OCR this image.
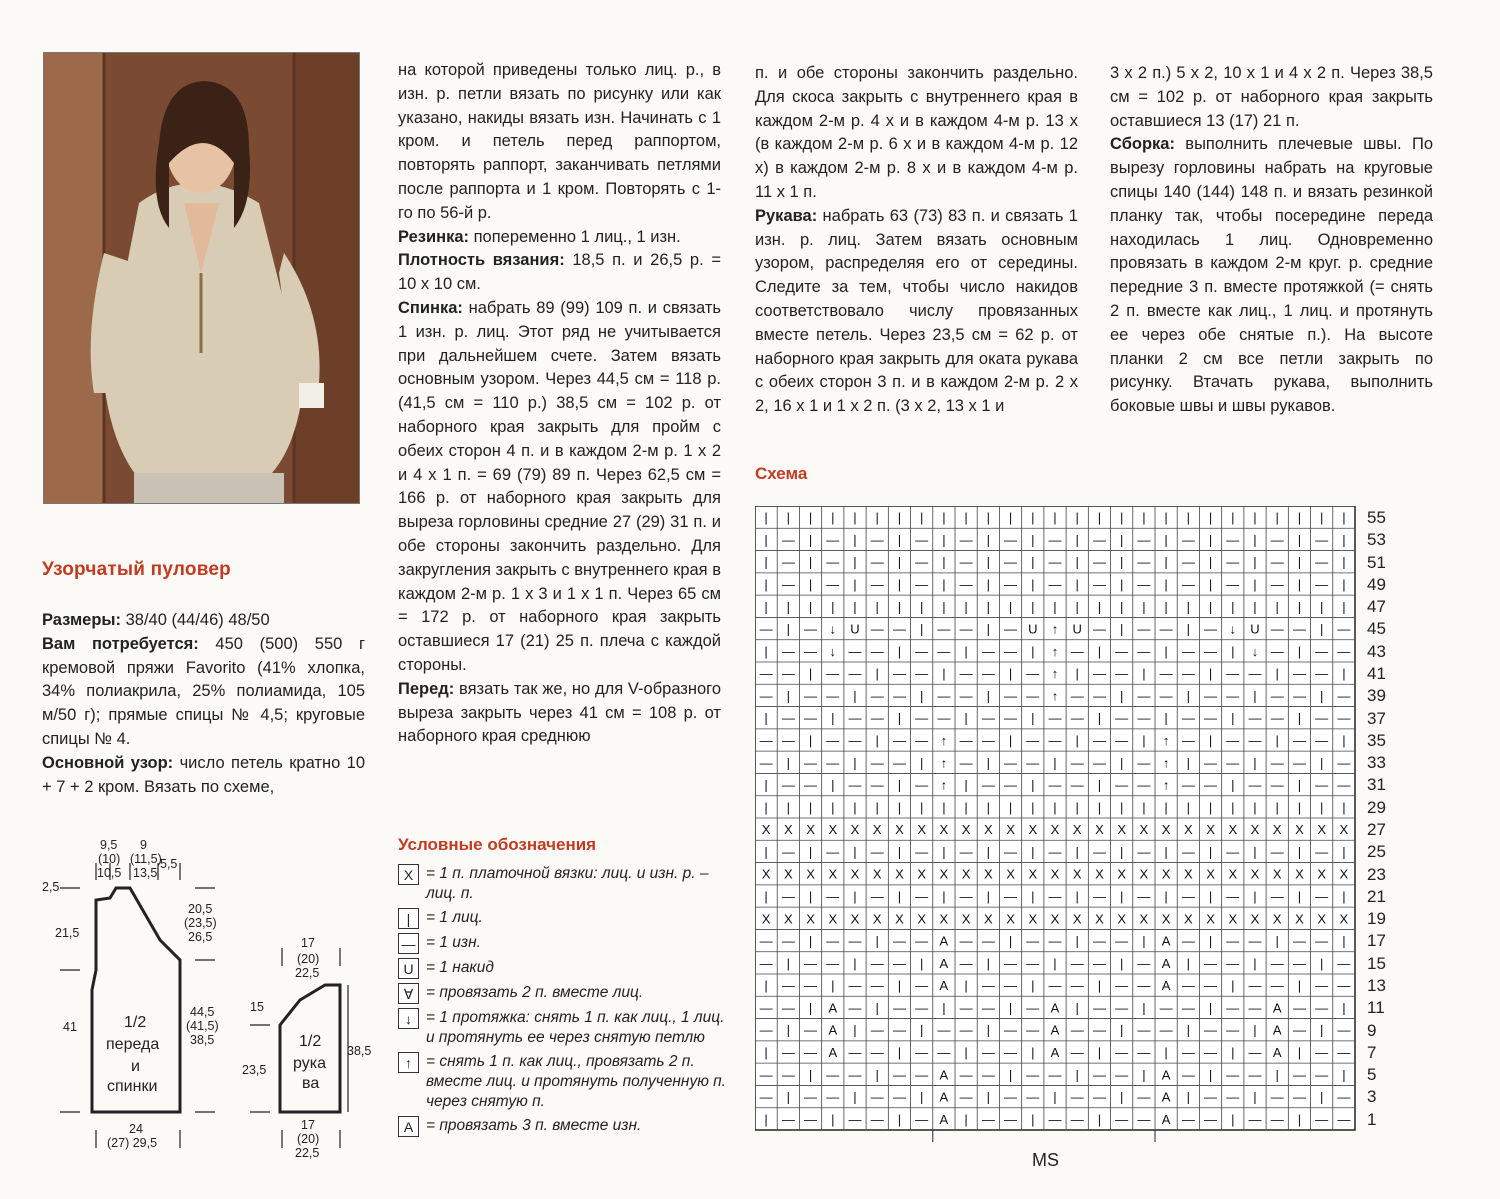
Узорчатый пуловер

Размеры: 38/40 (44/46) 48/50

Вам потребуется: 450 (500) 550 г кремовой пряжи Favorito (41% хлопка, 34% полиакрила, 25% полиамида, 105 м/50 г); прямые спицы № 4,5; круговые спицы № 4.

Основной узор: число петель кратно 10 + 7 + 2 кром. Вязать по схеме,

на которой приведены только лиц. р., в изн. р. петли вязать по рисунку или как указано, накиды вязать изн. Начинать с 1 кром. и петель перед раппортом, повторять раппорт, заканчивать петлями после раппорта и 1 кром. Повторять с 1-го по 56-й р.

Резинка: попеременно 1 лиц., 1 изн.

Плотность вязания: 18,5 п. и 26,5 р. = 10 х 10 см.

Спинка: набрать 89 (99) 109 п. и связать 1 изн. р. лиц. Этот ряд не учитывается при дальнейшем счете. Затем вязать основным узором. Через 44,5 см = 118 р. (41,5 см = 110 р.) 38,5 см = 102 р. от наборного края закрыть для пройм с обеих сторон 4 п. и в каждом 2-м р. 1 х 2 и 4 х 1 п. = 69 (79) 89 п. Через 62,5 см = 166 р. от наборного края закрыть для выреза горловины средние 27 (29) 31 п. и обе стороны закончить раздельно. Для закругления закрыть с внутреннего края в каждом 2-м р. 1 х 3 и 1 х 1 п. Через 65 см = 172 р. от наборного края закрыть оставшиеся 17 (21) 25 п. плеча с каждой стороны.

Перед: вязать так же, но для V-образного выреза закрыть через 41 см = 108 р. от наборного края среднюю

п. и обе стороны закончить раздельно. Для скоса закрыть с внутреннего края в каждом 2-м р. 4 х и в каждом 4-м р. 13 х (в каждом 2-м р. 6 х и в каждом 4-м р. 12 х) в каждом 2-м р. 8 х и в каждом 4-м р. 11 х 1 п.

Рукава: набрать 63 (73) 83 п. и связать 1 изн. р. лиц. Затем вязать основным узором, распределяя его от середины. Следите за тем, чтобы число накидов соответствовало числу провязанных вместе петель. Через 23,5 см = 62 р. от наборного края закрыть для оката рукава с обеих сторон 3 п. и в каждом 2-м р. 2 х 2, 16 х 1 и 1 х 2 п. (3 х 2, 13 х 1 и

3 х 2 п.) 5 х 2, 10 х 1 и 4 х 2 п. Через 38,5 см = 102 р. от наборного края закрыть оставшиеся 13 (17) 21 п.

Сборка: выполнить плечевые швы. По вырезу горловины набрать на круговые спицы 140 (144) 148 п. и вязать резинкой планку так, чтобы посередине переда находилась 1 лиц. Одновременно провязать в каждом 2-м круг. р. средние передние 3 п. вместе протяжкой (= снять 2 п. вместе как лиц., 1 лиц. и протянуть ее через обе снятые п.). На высоте планки 2 см все петли закрыть по рисунку. Втачать рукава, выполнить боковые швы и швы рукавов.

Условные обозначения
X = 1 п. платочной вязки: лиц. и изн. р. – лиц. п.
|	= 1 лиц.
— = 1 изн.
U = 1 накид
∀ = провязать 2 п. вместе лиц.
↓ = 1 протяжка: снять 1 п. как лиц., 1 лиц. и протянуть ее через снятую петлю
↑ = снять 1 п. как лиц., провязать 2 п. вместе лиц. и протянуть полученную п. через снятую п.
A = провязать 3 п. вместе изн.
Схема
| | | | | | | | | | | | | | | | | | | | | | | | | | |
| — | — | — | — | — | — | — | — | — | — | — | — | — |
| — | — | — | — | — | — | — | — | — | — | — | — | — |
| — | — | — | — | — | — | — | — | — | — | — | — | — |
| | | | | | | | | | | | | | | | | | | | | | | | | | |
— | — ↓ U — — | — — | — U ↑ U — | — — | — ↓ U — — | —
| — — ↓ — — | — — | — — | ↑ — | — — | — — | ↓ — | — —
— — | — — | — — | — — | — ↑ | — — | — — | — — | — — |
— | — — | — — | — — | — — ↑ — — | — — | — — | — — | —
| — — | — — | — — | — — | — — | — — | — — | — — | — —
— — | — — | — — ↑ — — | — — | — — | ↑ — | — — | — — |
— | — — | — — | ↑ — | — — | — — | — ↑ | — — | — — | —
| — — | — — | — ↑ | — — | — — | — — ↑ — — | — — | — —
| | | | | | | | | | | | | | | | | | | | | | | | | | |
X X X X X X X X X X X X X X X X X X X X X X X X X X X
| — | — | — | — | — | — | — | — | — | — | — | — | — |
X X X X X X X X X X X X X X X X X X X X X X X X X X X
| — | — | — | — | — | — | — | — | — | — | — | — | — |
X X X X X X X X X X X X X X X X X X X X X X X X X X X
— — | — — | — — A — — | — — | — — | A — | — — | — — |
— | — — | — — | A — | — — | — — | — A | — — | — — | —
| — — | — — | — A | — — | — — | — — A — — | — — | — —
— — | A — | — — | — — | — A | — — | — — | — — A — — |
— | — A | — — | — — | — — A — — | — — | — — | A — | —
| — — A — — | — — | — — | A — | — — | — — | — A | — —
— — | — — | — — A — — | — — | — — | A — | — — | — — |
— | — — | — — | A — | — — | — — | — A | — — | — — | —
| — — | — — | — A | — — | — — | — — A — — | — — | — —
55
53
51
49
47
45
43
41
39
37
35
33
31
29
27
25
23
21
19
17
15
13
11
9
7
5
3
1
MS
9,5
(10)
10,5
9
(11,5)
13,5
5,5
2,5
21,5
41
20,5
(23,5)
26,5
44,5
(41,5)
38,5
24
(27) 29,5
1/2
переда
и
спинки
17
(20)
22,5
15
23,5
38,5
17
(20)
22,5
1/2
рука
ва
